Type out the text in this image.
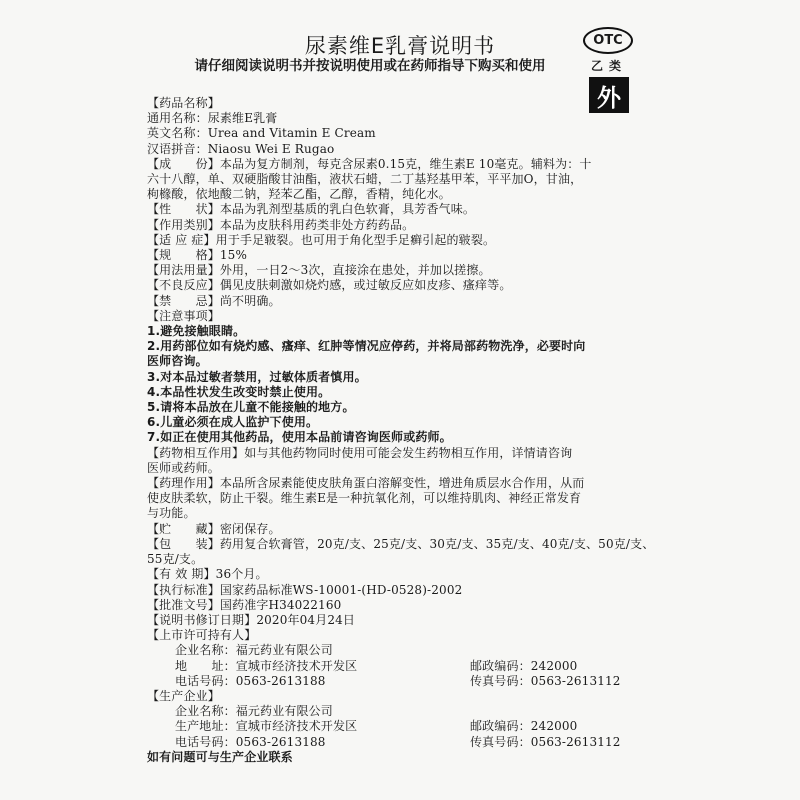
尿素维E乳膏说明书
请仔细阅读说明书并按说明使用或在药师指导下购买和使用
OTC
乙类
外
【药品名称】
通用名称：尿素维E乳膏
英文名称：Urea and Vitamin E Cream
汉语拼音：Niaosu Wei E Rugao
【成　　份】本品为复方制剂，每克含尿素0.15克，维生素E 10毫克。辅料为：十
六十八醇，单、双硬脂酸甘油酯，液状石蜡，二丁基羟基甲苯，平平加O，甘油，
枸橼酸，依地酸二钠，羟苯乙酯，乙醇，香精，纯化水。
【性　　状】本品为乳剂型基质的乳白色软膏，具芳香气味。
【作用类别】本品为皮肤科用药类非处方药药品。
【适 应 症】用于手足皲裂。也可用于角化型手足癣引起的皲裂。
【规　　格】15%
【用法用量】外用，一日2～3次，直接涂在患处，并加以搓擦。
【不良反应】偶见皮肤刺激如烧灼感，或过敏反应如皮疹、瘙痒等。
【禁　　忌】尚不明确。
【注意事项】
1.避免接触眼睛。
2.用药部位如有烧灼感、瘙痒、红肿等情况应停药，并将局部药物洗净，必要时向
医师咨询。
3.对本品过敏者禁用，过敏体质者慎用。
4.本品性状发生改变时禁止使用。
5.请将本品放在儿童不能接触的地方。
6.儿童必须在成人监护下使用。
7.如正在使用其他药品，使用本品前请咨询医师或药师。
【药物相互作用】如与其他药物同时使用可能会发生药物相互作用，详情请咨询
医师或药师。
【药理作用】本品所含尿素能使皮肤角蛋白溶解变性，增进角质层水合作用，从而
使皮肤柔软，防止干裂。维生素E是一种抗氧化剂，可以维持肌肉、神经正常发育
与功能。
【贮　　藏】密闭保存。
【包　　装】药用复合软膏管，20克/支、25克/支、30克/支、35克/支、40克/支、50克/支、
55克/支。
【有 效 期】36个月。
【执行标准】国家药品标准WS-10001-(HD-0528)-2002
【批准文号】国药准字H34022160
【说明书修订日期】2020年04月24日
【上市许可持有人】
企业名称：福元药业有限公司
地　　址：宣城市经济技术开发区	邮政编码：242000
电话号码：0563-2613188	传真号码：0563-2613112
【生产企业】
企业名称：福元药业有限公司
生产地址：宣城市经济技术开发区	邮政编码：242000
电话号码：0563-2613188	传真号码：0563-2613112
如有问题可与生产企业联系
